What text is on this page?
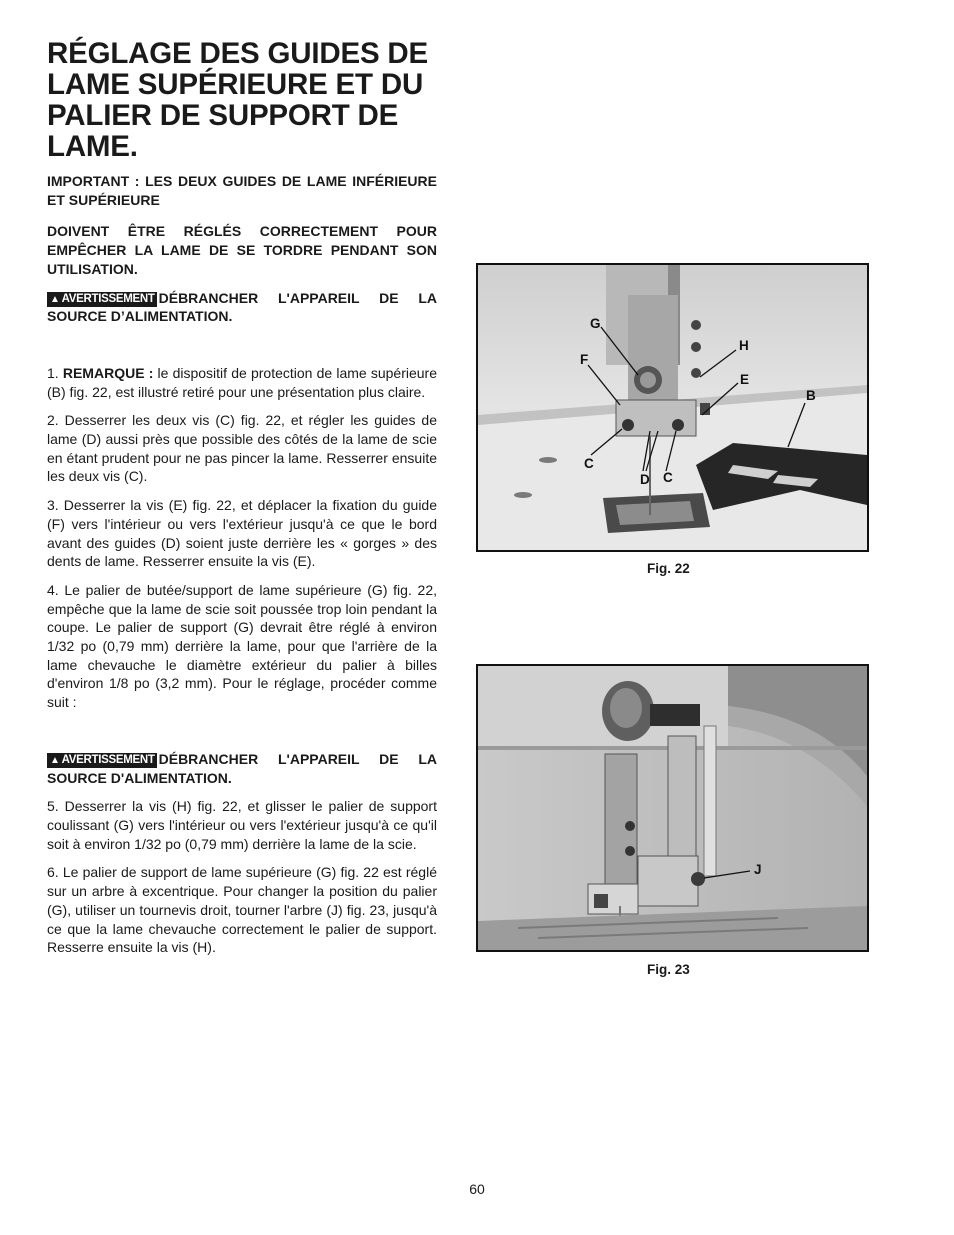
RÉGLAGE DES GUIDES DE
LAME SUPÉRIEURE ET DU
PALIER DE SUPPORT DE
LAME.

IMPORTANT : LES DEUX GUIDES DE LAME INFÉRIEURE ET SUPÉRIEURE

DOIVENT ÊTRE RÉGLÉS CORRECTEMENT POUR EMPÊCHER LA LAME DE SE TORDRE PENDANT SON UTILISATION.

▲ AVERTISSEMENT DÉBRANCHER L'APPAREIL DE LA SOURCE D’ALIMENTATION.

1. REMARQUE : le dispositif de protection de lame supérieure (B) fig. 22, est illustré retiré pour une présentation plus claire.

2. Desserrer les deux vis (C) fig. 22, et régler les guides de lame (D) aussi près que possible des côtés de la lame de scie en étant prudent pour ne pas pincer la lame. Resserrer ensuite les deux vis (C).

3. Desserrer la vis (E) fig. 22, et déplacer la fixation du guide (F) vers l'intérieur ou vers l'extérieur jusqu'à ce que le bord avant des guides (D) soient juste derrière les « gorges » des dents de lame. Resserrer ensuite la vis (E).

4. Le palier de butée/support de lame supérieure (G) fig. 22, empêche que la lame de scie soit poussée trop loin pendant la coupe. Le palier de support (G) devrait être réglé à environ 1/32 po (0,79 mm) derrière la lame, pour que l'arrière de la lame chevauche le diamètre extérieur du palier à billes d'environ 1/8 po (3,2 mm). Pour le réglage, procéder comme suit :

▲ AVERTISSEMENT DÉBRANCHER L'APPAREIL DE LA SOURCE D'ALIMENTATION.

5. Desserrer la vis (H) fig. 22, et glisser le palier de support coulissant (G) vers l'intérieur ou vers l'extérieur jusqu'à ce qu'il soit à environ 1/32 po (0,79 mm) derrière la lame de la scie.

6. Le palier de support de lame supérieure (G) fig. 22 est réglé sur un arbre à excentrique. Pour changer la position du palier (G), utiliser un tournevis droit, tourner l'arbre (J) fig. 23, jusqu'à ce que la lame chevauche correctement le palier de support. Resserre ensuite la vis (H).

G
F
H
E
B
C
D C
Fig. 22
J
Fig. 23
60
